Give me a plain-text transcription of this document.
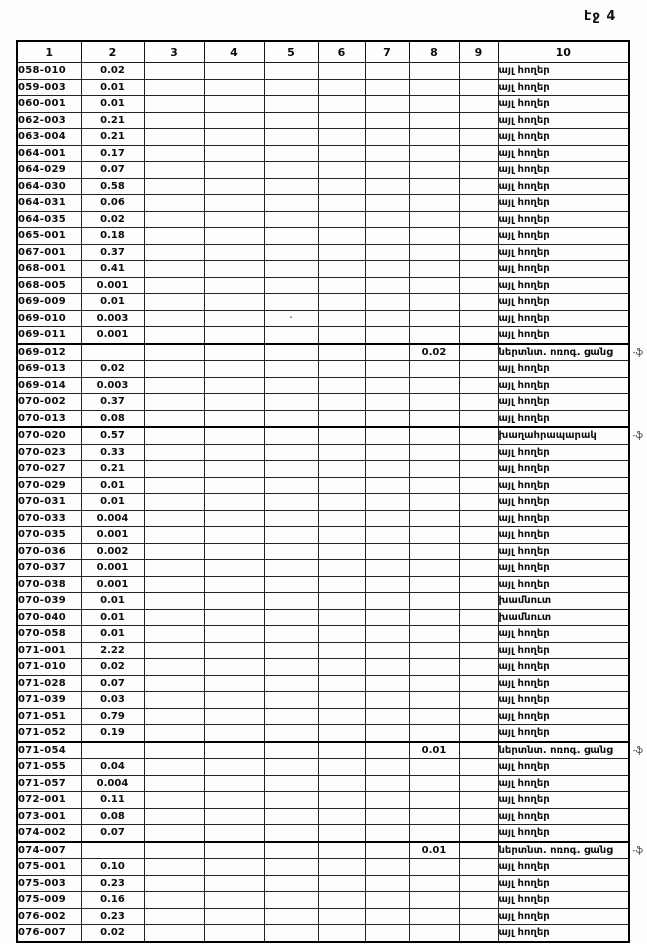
էջ 4
1	2	3	4	5	6	7	8	9	10
058-010	0.02								այլ հողեր
059-003	0.01								այլ հողեր
060-001	0.01								այլ հողեր
062-003	0.21								այլ հողեր
063-004	0.21								այլ հողեր
064-001	0.17								այլ հողեր
064-029	0.07								այլ հողեր
064-030	0.58								այլ հողեր
064-031	0.06								այլ հողեր
064-035	0.02								այլ հողեր
065-001	0.18								այլ հողեր
067-001	0.37								այլ հողեր
068-001	0.41								այլ հողեր
068-005	0.001								այլ հողեր
069-009	0.01								այլ հողեր
069-010	0.003			·					այլ հողեր
069-011	0.001								այլ հողեր
069-012							0.02		ներտնտ. ոռոգ. ցանց -ֆ

069-013	0.02								այլ հողեր
069-014	0.003								այլ հողեր
070-002	0.37								այլ հողեր
070-013	0.08								այլ հողեր
070-020	0.57								խաղահրապարակ -ֆ

070-023	0.33								այլ հողեր
070-027	0.21								այլ հողեր
070-029	0.01								այլ հողեր
070-031	0.01								այլ հողեր
070-033	0.004								այլ հողեր
070-035	0.001								այլ հողեր
070-036	0.002								այլ հողեր
070-037	0.001								այլ հողեր
070-038	0.001								այլ հողեր
070-039	0.01								խամնուտ
070-040	0.01								խամնուտ
070-058	0.01								այլ հողեր
071-001	2.22								այլ հողեր
071-010	0.02								այլ հողեր
071-028	0.07								այլ հողեր
071-039	0.03								այլ հողեր
071-051	0.79								այլ հողեր
071-052	0.19								այլ հողեր
071-054							0.01		ներտնտ. ոռոգ. ցանց -ֆ

071-055	0.04								այլ հողեր
071-057	0.004								այլ հողեր
072-001	0.11								այլ հողեր
073-001	0.08								այլ հողեր
074-002	0.07								այլ հողեր
074-007							0.01		ներտնտ. ոռոգ. ցանց -ֆ

075-001	0.10								այլ հողեր
075-003	0.23								այլ հողեր
075-009	0.16								այլ հողեր
076-002	0.23								այլ հողեր
076-007	0.02								այլ հողեր
